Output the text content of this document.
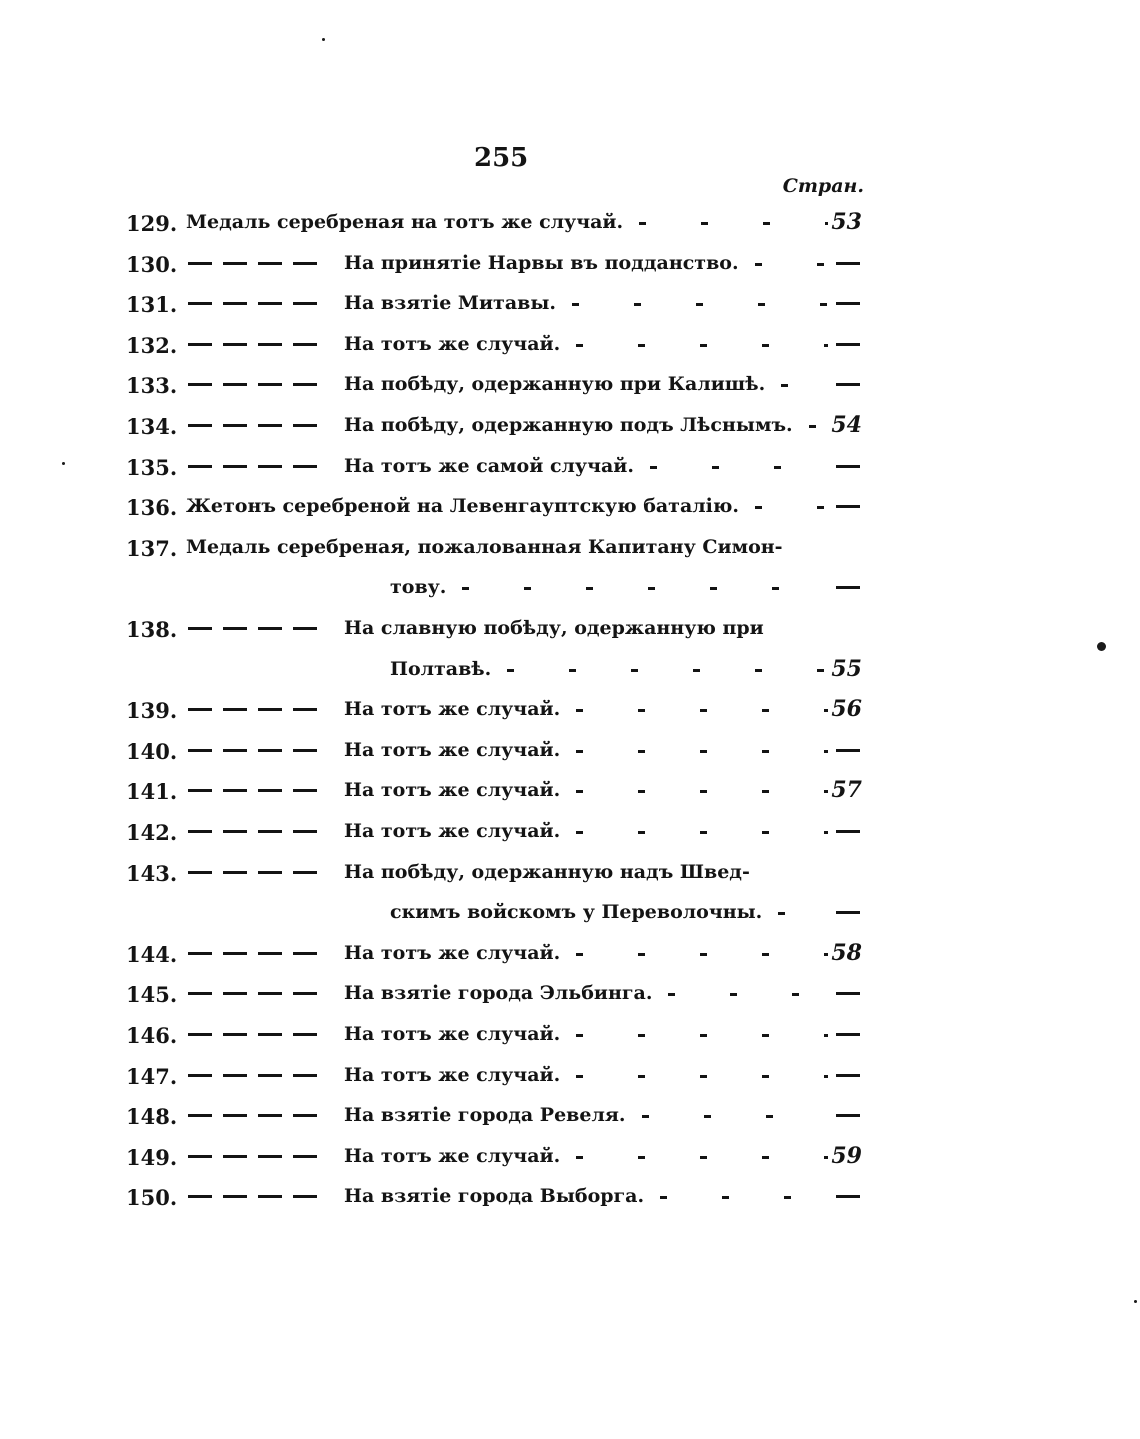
255
Стран.
129. Медаль серебреная на тотъ же случай.	53
130.	На принятіе Нарвы въ подданство.
131.	На взятіе Митавы.
132.	На тотъ же случай.
133.	На побѣду, одержанную при Калишѣ.
134.	На побѣду, одержанную подъ Лѣснымъ. 54
135.	На тотъ же самой случай.
136. Жетонъ серебреной на Левенгауптскую баталію.
137. Медаль серебреная, пожалованная Капитану Симон-
тову.
138.	На славную побѣду, одержанную при
Полтавѣ.	55
139.	На тотъ же случай.	56
140.	На тотъ же случай.
141.	На тотъ же случай.	57
142.	На тотъ же случай.
143.	На побѣду, одержанную надъ Швед-
скимъ войскомъ у Переволочны.
144.	На тотъ же случай.	58
145.	На взятіе города Эльбинга.
146.	На тотъ же случай.
147.	На тотъ же случай.
148.	На взятіе города Ревеля.
149.	На тотъ же случай.	59
150.	На взятіе города Выборга.
